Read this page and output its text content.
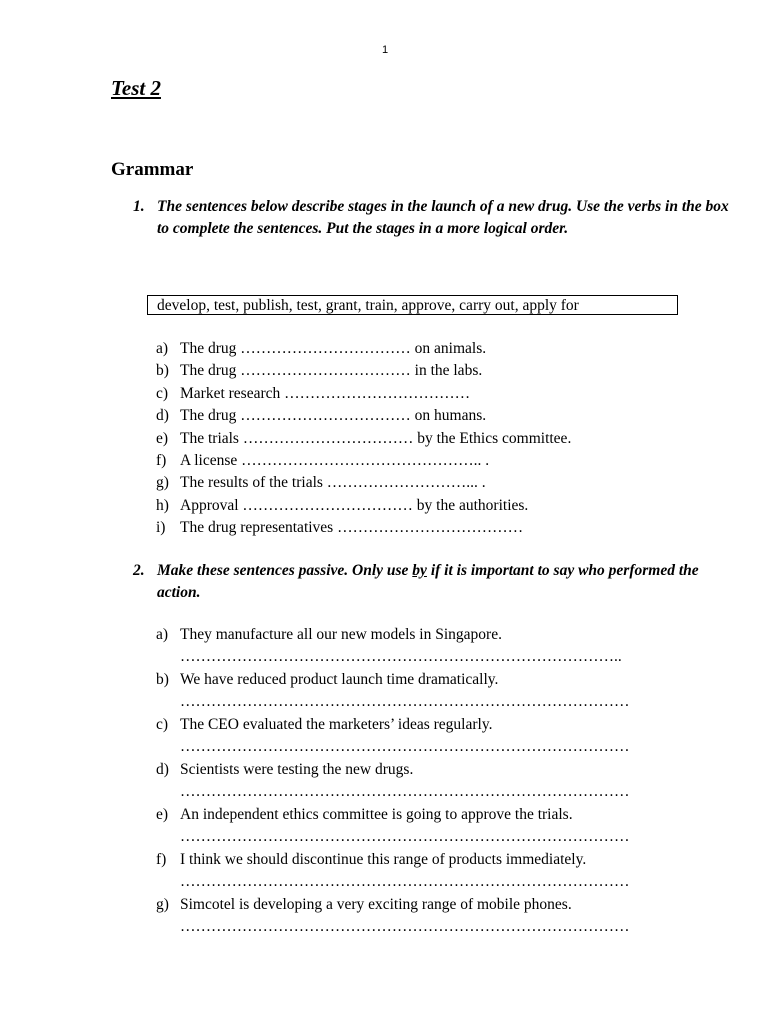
1
Test 2
Grammar
1. The sentences below describe stages in the launch of a new drug. Use the verbs in the box to complete the sentences. Put the stages in a more logical order.
develop, test, publish, test, grant, train, approve, carry out, apply for
a) The drug …………………………… on animals.
b) The drug …………………………… in the labs.
c) Market research ………………………………
d) The drug …………………………… on humans.
e) The trials …………………………… by the Ethics committee.
f) A license ……………………………………….. .
g) The results of the trials ………………………... .
h) Approval …………………………… by the authorities.
i) The drug representatives ………………………………
2. Make these sentences passive. Only use by if it is important to say who performed the action.
a) They manufacture all our new models in Singapore.
…………………………………………………………………………..
b) We have reduced product launch time dramatically.
……………………………………………………………………………
c) The CEO evaluated the marketers’ ideas regularly.
……………………………………………………………………………
d) Scientists were testing the new drugs.
……………………………………………………………………………
e) An independent ethics committee is going to approve the trials.
……………………………………………………………………………
f) I think we should discontinue this range of products immediately.
……………………………………………………………………………
g) Simcotel is developing a very exciting range of mobile phones.
……………………………………………………………………………
